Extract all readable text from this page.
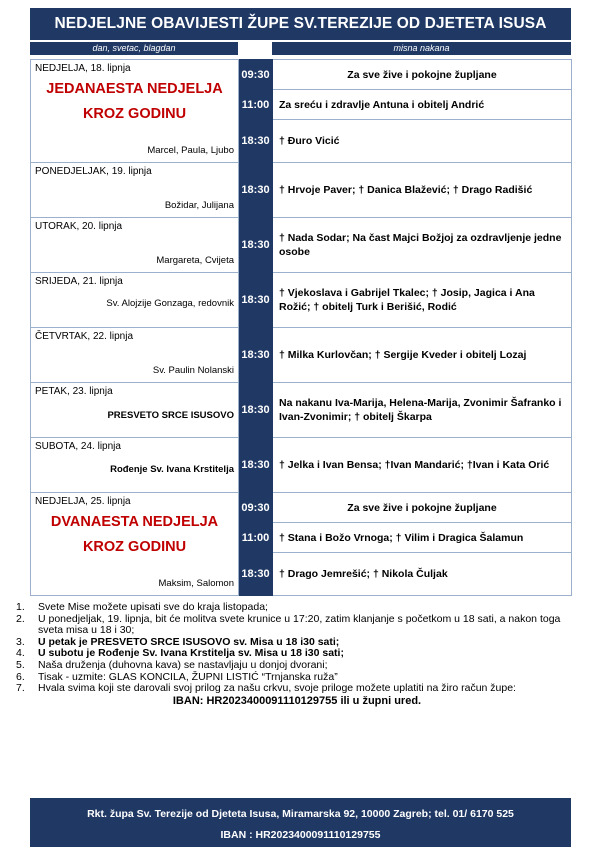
NEDJELJNE OBAVIJESTI ŽUPE SV.TEREZIJE OD DJETETA ISUSA
dan, svetac, blagdan	misna nakana
NEDJELJA, 18. lipnja
JEDANAESTA NEDJELJA
KROZ GODINU
Marcel, Paula, Ljubo	09:30	Za sve žive i pokojne župljane
	11:00	Za sreću i zdravlje Antuna i obitelj Andrić
	18:30	† Đuro Vicić

PONEDJELJAK, 19. lipnja
Božidar, Julijana	18:30	† Hrvoje Paver; † Danica Blažević; † Drago Radišić

UTORAK, 20. lipnja
Margareta, Cvijeta	18:30	† Nada Sodar; Na čast Majci Božjoj za ozdravljenje jedne osobe

SRIJEDA, 21. lipnja
Sv. Alojzije Gonzaga, redovnik	18:30	† Vjekoslava i Gabrijel Tkalec; † Josip, Jagica i Ana Rožić; † obitelj Turk i Berišić, Rodić

ČETVRTAK, 22. lipnja
Sv. Paulin Nolanski	18:30	† Milka Kurlovčan; † Sergije Kveder i obitelj Lozaj

PETAK, 23. lipnja
PRESVETO SRCE ISUSOVO	18:30	Na nakanu Iva-Marija, Helena-Marija, Zvonimir Šafranko i Ivan-Zvonimir; † obitelj Škarpa

SUBOTA, 24. lipnja
Rođenje Sv. Ivana Krstitelja	18:30	† Jelka i Ivan Bensa; †Ivan Mandarić; †Ivan i Kata Orić

NEDJELJA, 25. lipnja
DVANAESTA NEDJELJA
KROZ GODINU
Maksim, Salomon	09:30	Za sve žive i pokojne župljane
	11:00	† Stana i Božo Vrnoga; † Vilim i Dragica Šalamun
	18:30	† Drago Jemrešić; † Nikola Čuljak
1.	Svete Mise možete upisati sve do kraja listopada;
2.	U ponedjeljak, 19. lipnja, bit će molitva svete krunice u 17:20, zatim klanjanje s početkom u 18 sati, a nakon toga sveta misa u 18 i 30;
3.	U petak je PRESVETO SRCE ISUSOVO sv. Misa u 18 i30 sati;
4.	U subotu je Rođenje Sv. Ivana Krstitelja sv. Misa u 18 i30 sati;
5.	Naša druženja (duhovna kava) se nastavljaju u donjoj dvorani;
6.	Tisak - uzmite: GLAS KONCILA, ŽUPNI LISTIĆ “Trnjanska ruža”
7.	Hvala svima koji ste darovali svoj prilog za našu crkvu, svoje priloge možete uplatiti na žiro račun župe:
IBAN: HR2023400091110129755 ili u župni ured.
Rkt. župa Sv. Terezije od Djeteta Isusa, Miramarska 92, 10000 Zagreb; tel. 01/ 6170 525
IBAN : HR2023400091110129755
